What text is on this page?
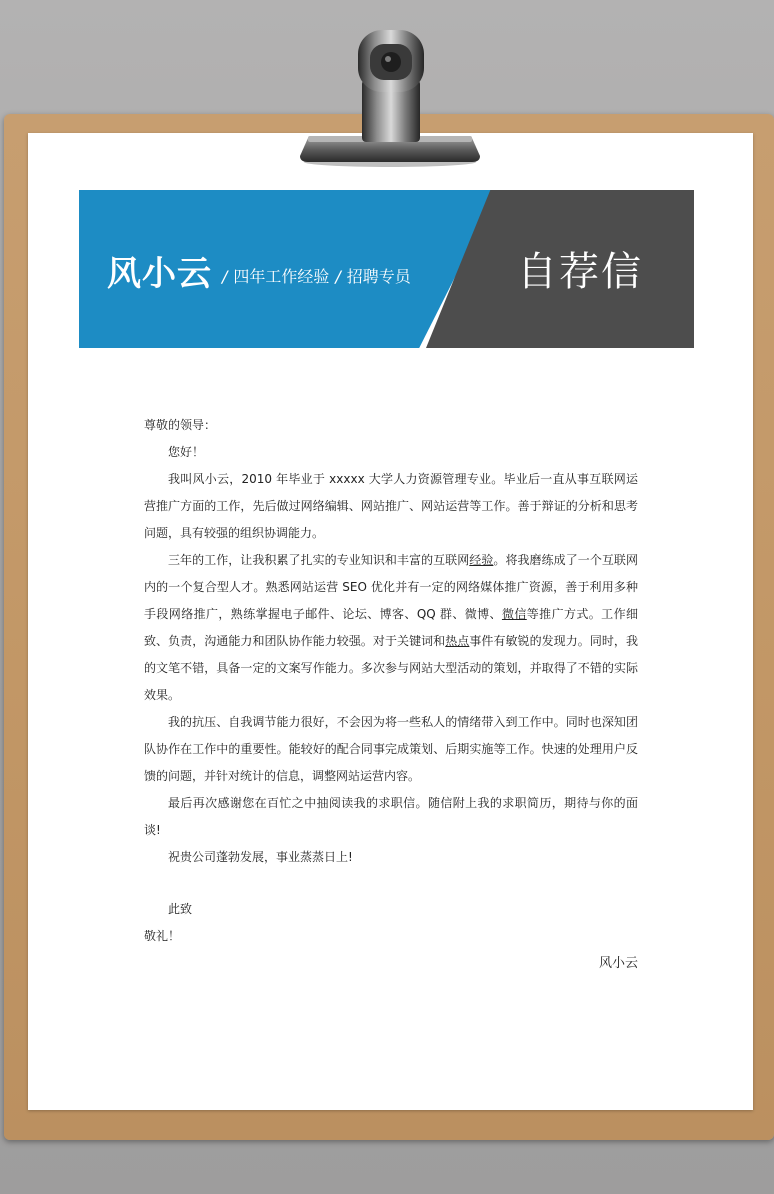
风小云 / 四年工作经验 / 招聘专员	自荐信

尊敬的领导：

您好！

我叫风小云，2010 年毕业于 xxxxx 大学人力资源管理专业。毕业后一直从事互联网运营推广方面的工作，先后做过网络编辑、网站推广、网站运营等工作。善于辩证的分析和思考问题，具有较强的组织协调能力。

三年的工作，让我积累了扎实的专业知识和丰富的互联网经验。将我磨练成了一个互联网内的一个复合型人才。熟悉网站运营 SEO 优化并有一定的网络媒体推广资源，善于利用多种手段网络推广，熟练掌握电子邮件、论坛、博客、QQ 群、微博、微信等推广方式。工作细致、负责，沟通能力和团队协作能力较强。对于关键词和热点事件有敏锐的发现力。同时，我的文笔不错，具备一定的文案写作能力。多次参与网站大型活动的策划，并取得了不错的实际效果。

我的抗压、自我调节能力很好，不会因为将一些私人的情绪带入到工作中。同时也深知团队协作在工作中的重要性。能较好的配合同事完成策划、后期实施等工作。快速的处理用户反馈的问题，并针对统计的信息，调整网站运营内容。

最后再次感谢您在百忙之中抽阅读我的求职信。随信附上我的求职简历，期待与你的面谈!

祝贵公司蓬勃发展，事业蒸蒸日上!

此致

敬礼！

风小云
